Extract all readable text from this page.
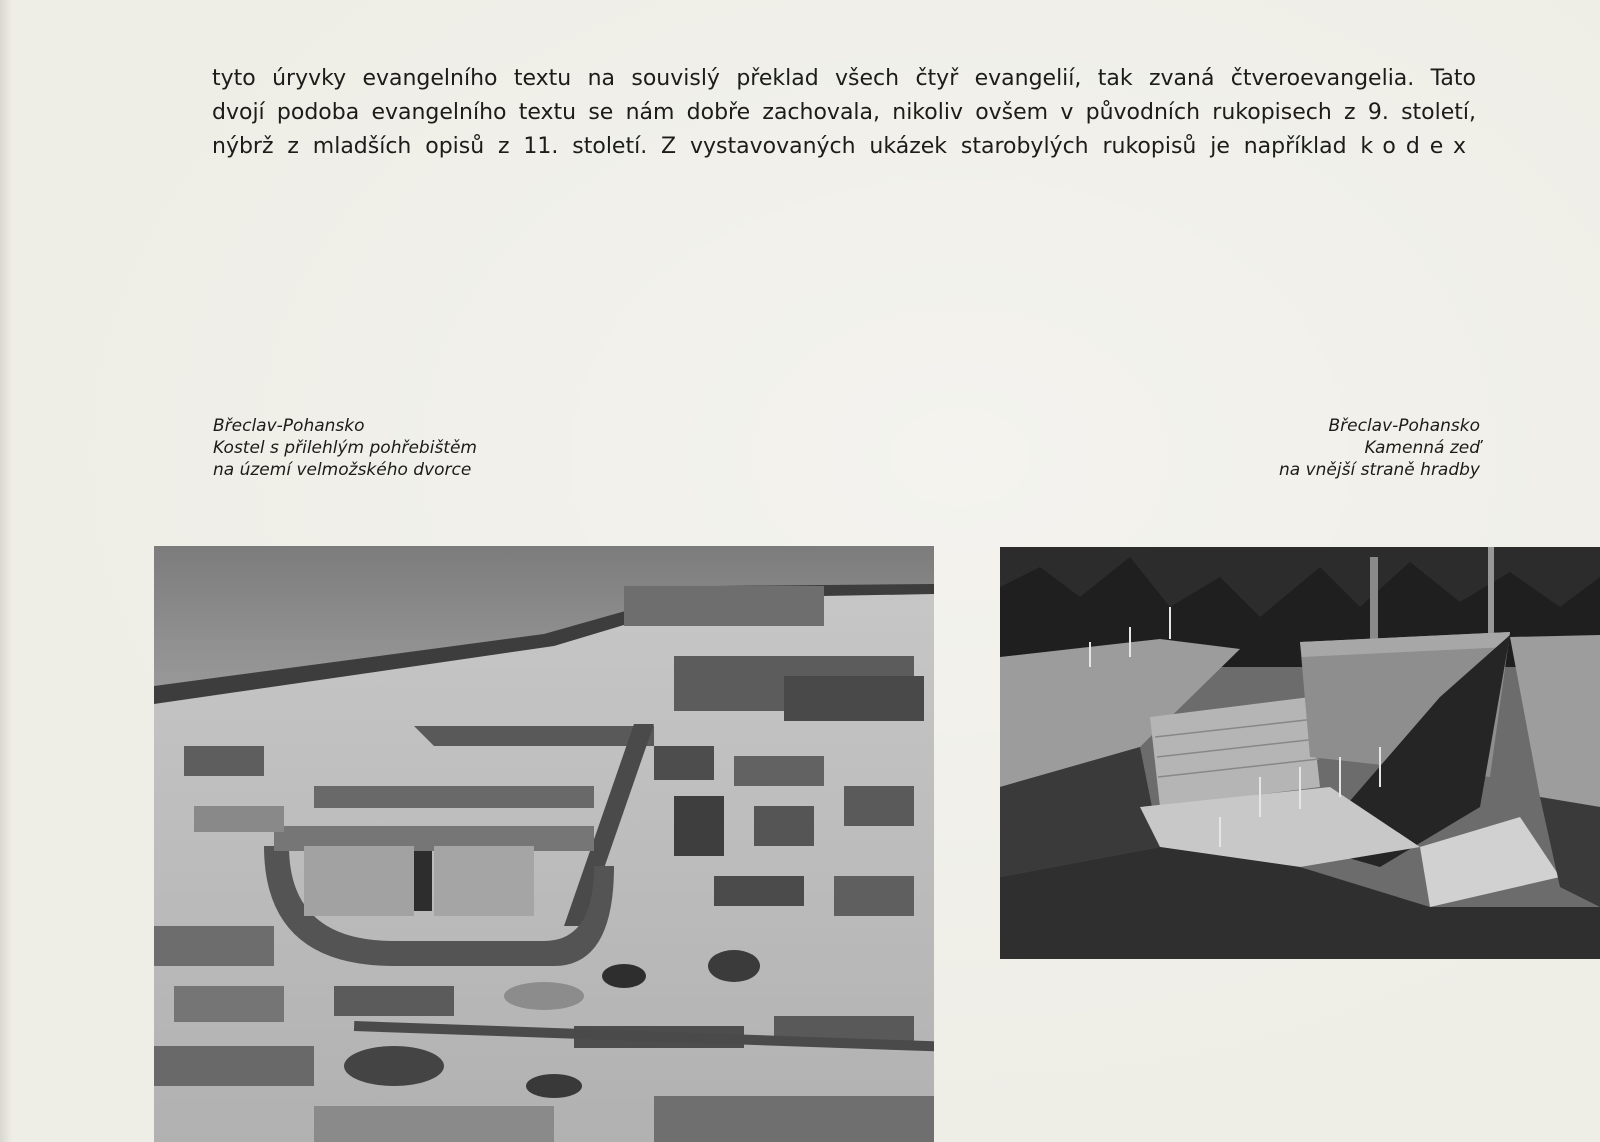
tyto úryvky evangelního textu na souvislý překlad všech čtyř evangelií, tak zvaná čtveroevangelia. Tato
dvojí podoba evangelního textu se nám dobře zachovala, nikoliv ovšem v původních rukopisech z 9. století,
nýbrž z mladších opisů z 11. století. Z vystavovaných ukázek starobylých rukopisů je například kodex

Břeclav-Pohansko
Kostel s přilehlým pohřebištěm
na území velmožského dvorce

Břeclav-Pohansko
Kamenná zeď
na vnější straně hradby
